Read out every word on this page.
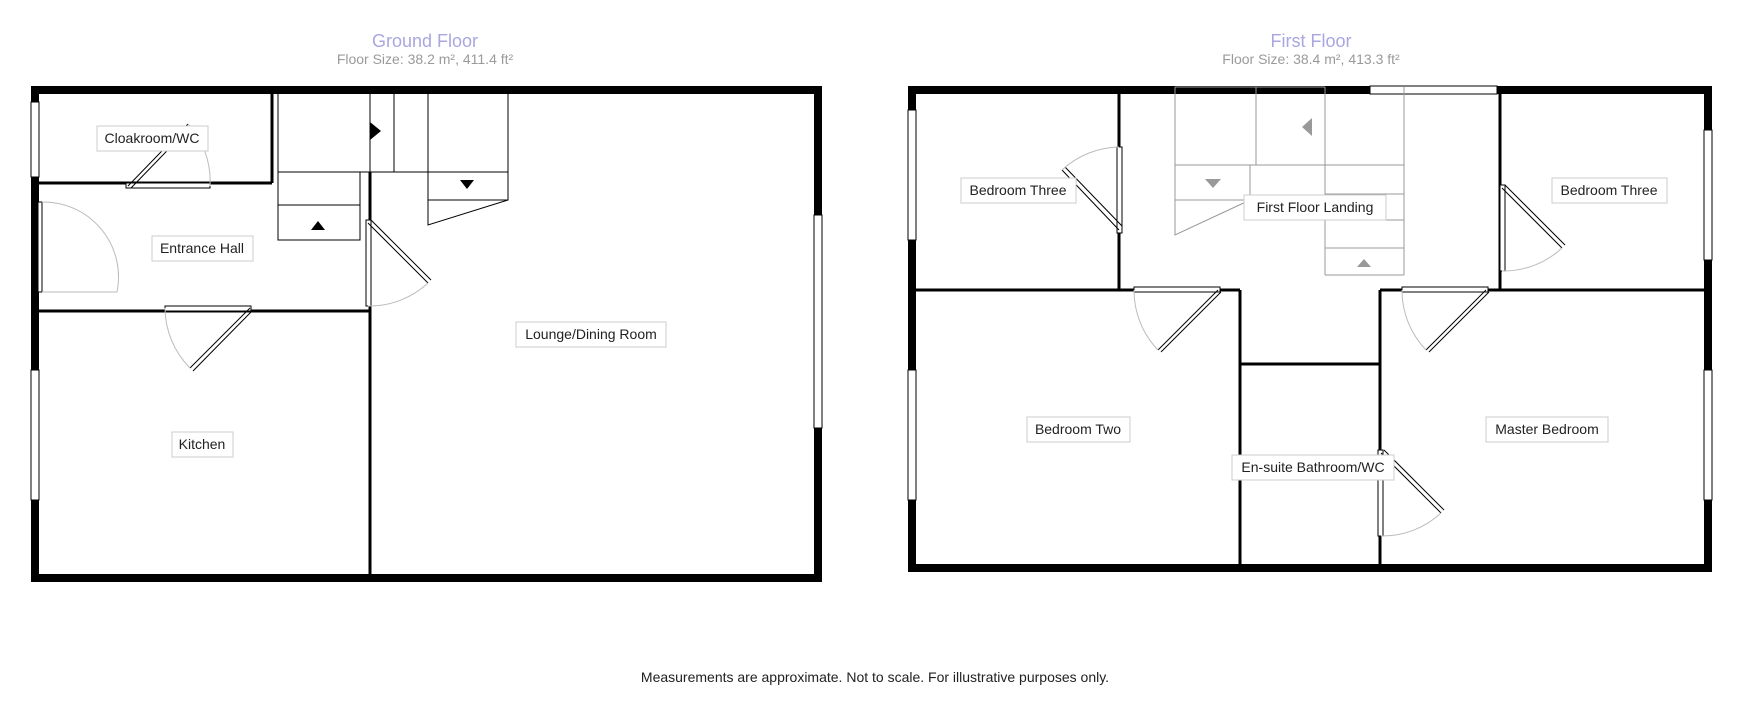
Ground Floor
Floor Size: 38.2 m², 411.4 ft²
Cloakroom/WC
Entrance Hall
Lounge/Dining Room
Kitchen
First Floor
Floor Size: 38.4 m², 413.3 ft²
Bedroom Three
First Floor Landing
Bedroom Three
Bedroom Two
En-suite Bathroom/WC
Master Bedroom
Measurements are approximate. Not to scale. For illustrative purposes only.
